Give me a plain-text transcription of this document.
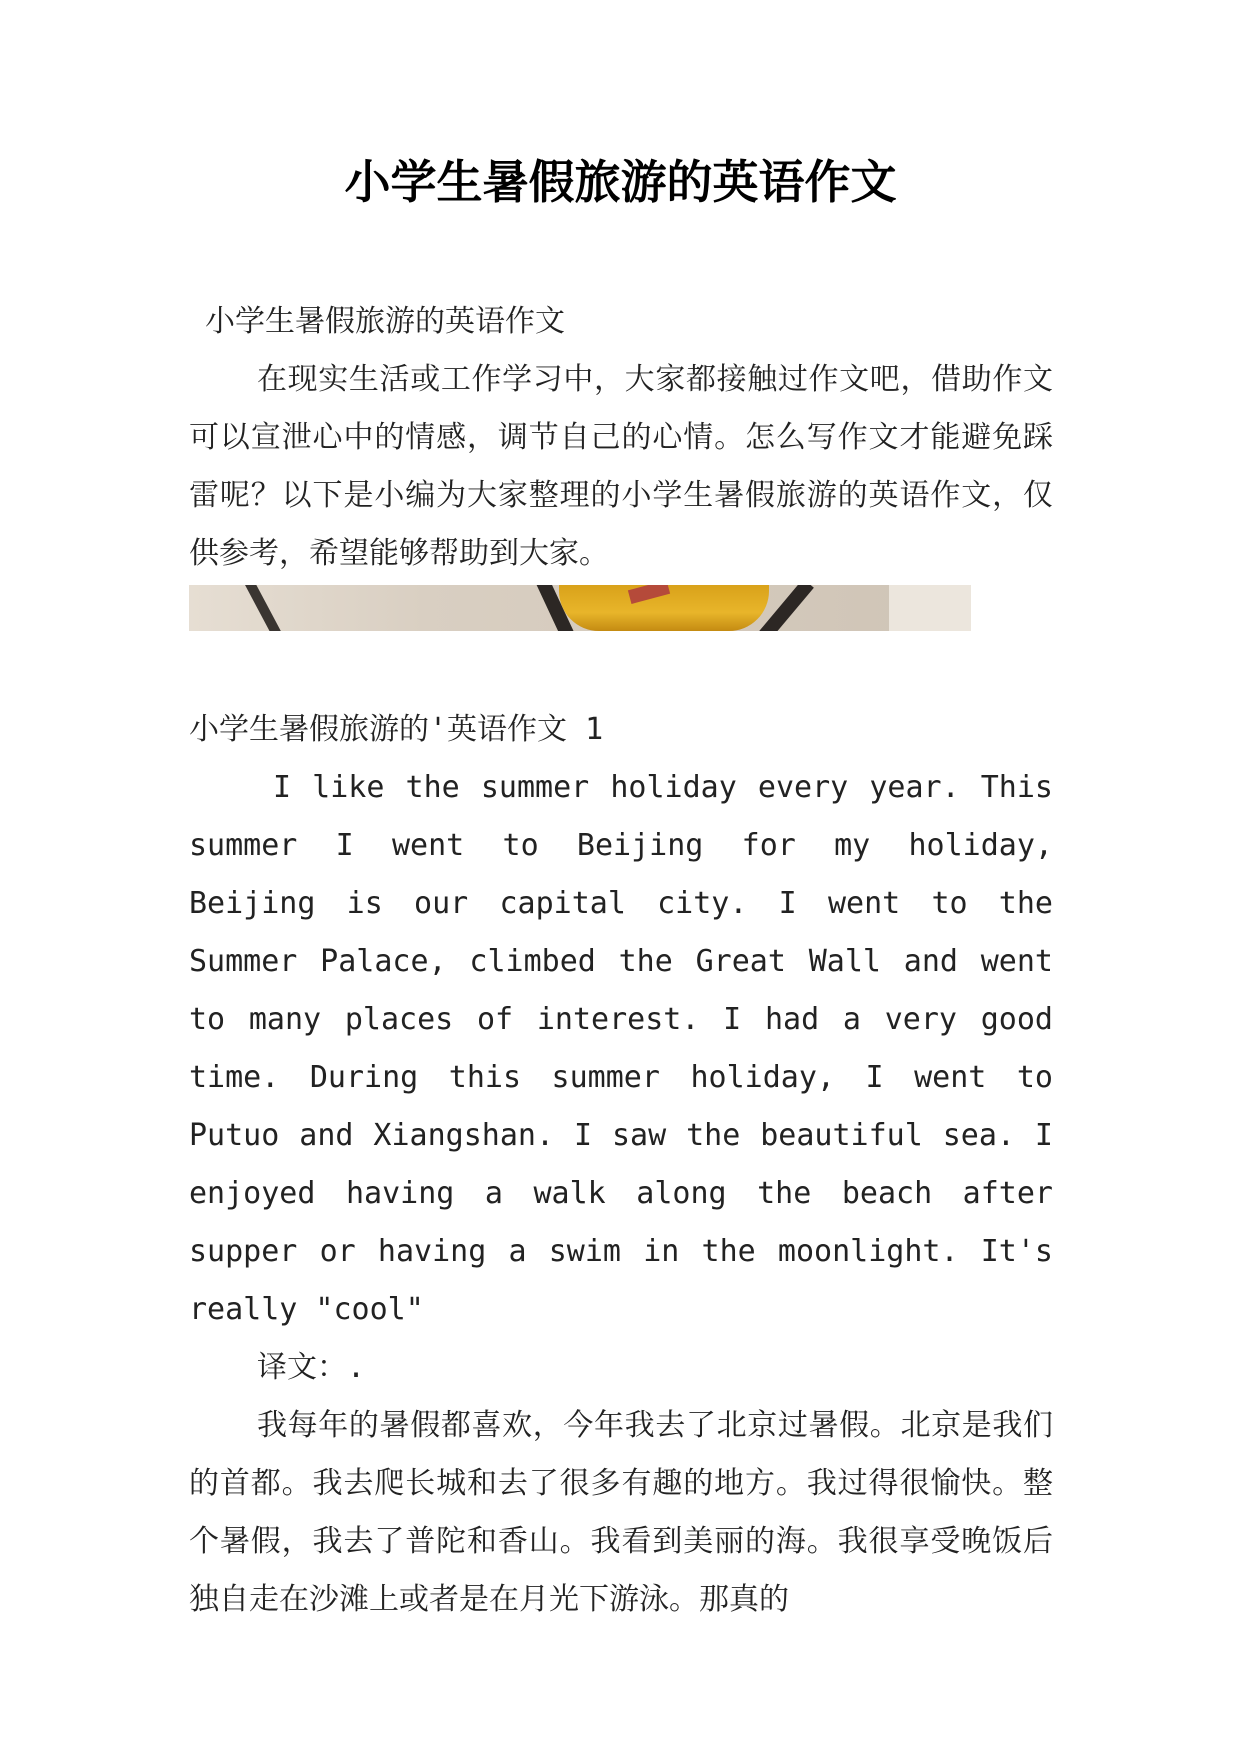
小学生暑假旅游的英语作文

小学生暑假旅游的英语作文

在现实生活或工作学习中，大家都接触过作文吧，借助作文可以宣泄心中的情感，调节自己的心情。怎么写作文才能避免踩雷呢？以下是小编为大家整理的小学生暑假旅游的英语作文，仅供参考，希望能够帮助到大家。

小学生暑假旅游的'英语作文 1

I like the summer holiday every year. This summer I went to Beijing for my holiday, Beijing is our capital city. I went to the Summer Palace, climbed the Great Wall and went to many places of interest. I had a very good time. During this summer holiday, I went to Putuo and Xiangshan. I saw the beautiful sea. I enjoyed having a walk along the beach after supper or having a swim in the moonlight. It's really "cool"

译文：.

我每年的暑假都喜欢，今年我去了北京过暑假。北京是我们的首都。我去爬长城和去了很多有趣的地方。我过得很愉快。整个暑假，我去了普陀和香山。我看到美丽的海。我很享受晚饭后独自走在沙滩上或者是在月光下游泳。那真的
